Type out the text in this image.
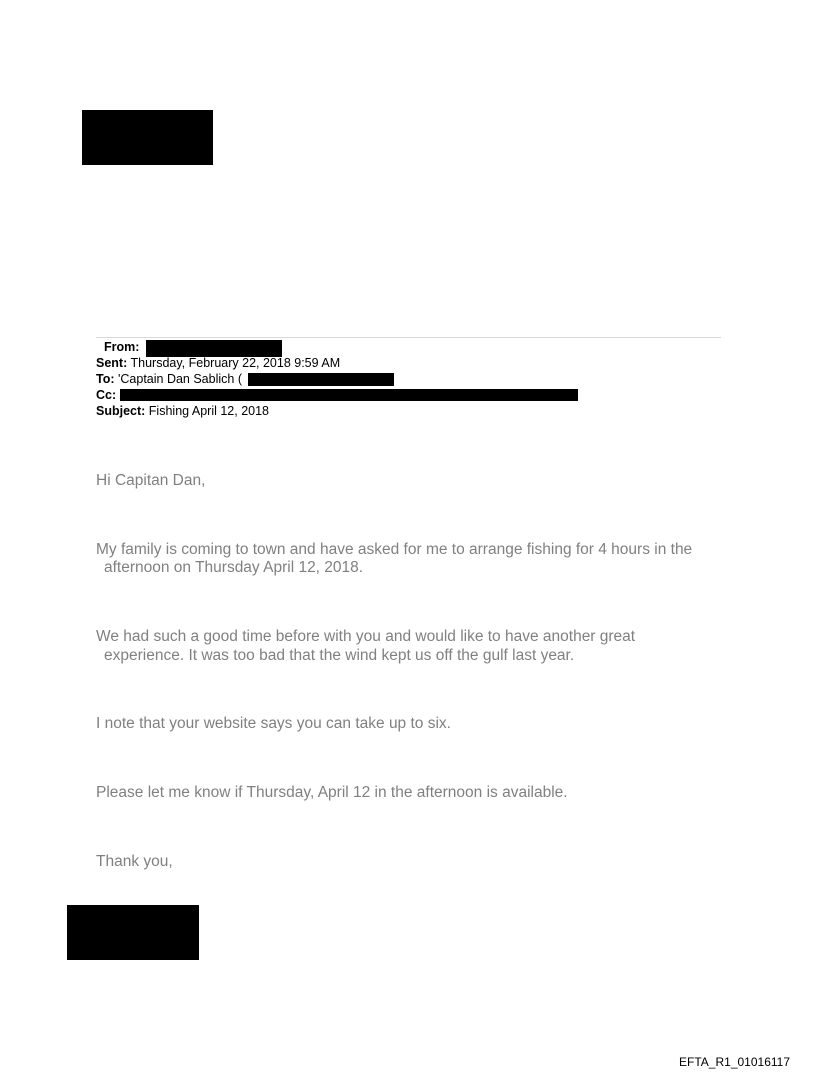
From:
Sent: Thursday, February 22, 2018 9:59 AM
To: 'Captain Dan Sablich (
Cc:
Subject: Fishing April 12, 2018
Hi Capitan Dan,
My family is coming to town and have asked for me to arrange fishing for 4 hours in the
afternoon on Thursday April 12, 2018.
We had such a good time before with you and would like to have another great
experience. It was too bad that the wind kept us off the gulf last year.
I note that your website says you can take up to six.
Please let me know if Thursday, April 12 in the afternoon is available.
Thank you,
EFTA_R1_01016117
